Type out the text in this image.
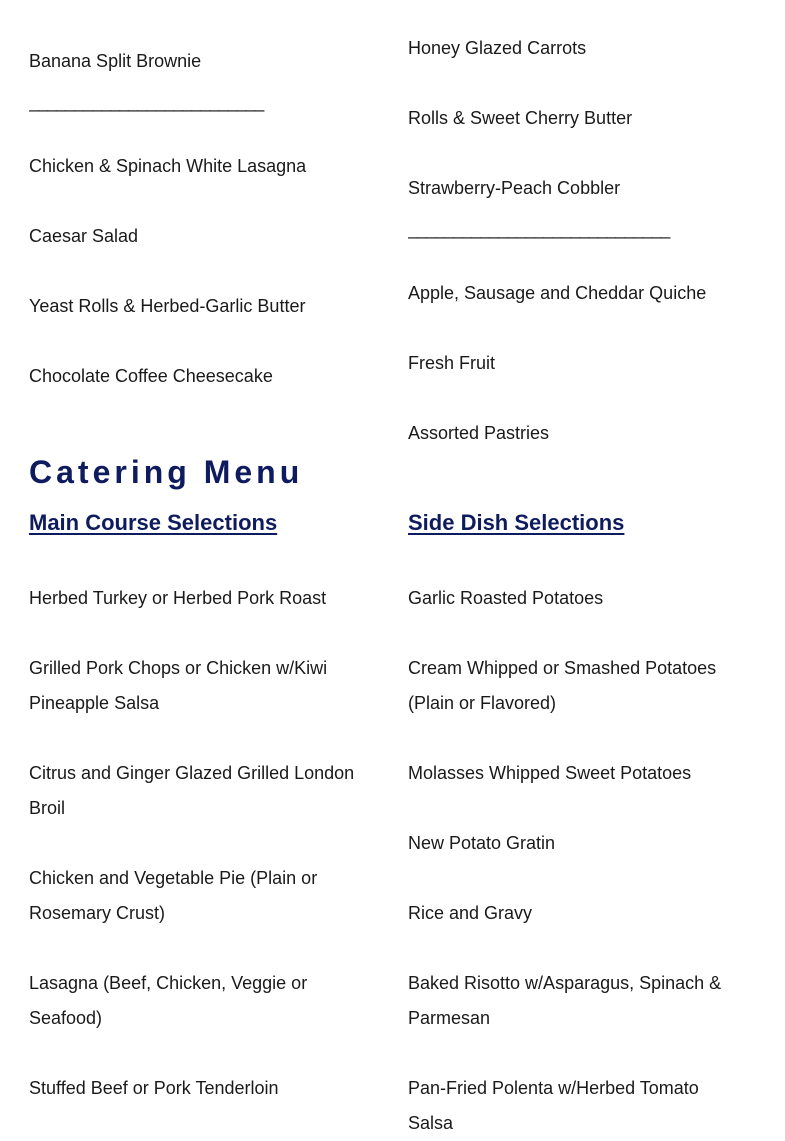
Banana Split Brownie
__________________________
Chicken & Spinach White Lasagna
Caesar Salad
Yeast Rolls & Herbed-Garlic Butter
Chocolate Coffee Cheesecake
Honey Glazed Carrots
Rolls & Sweet Cherry Butter
Strawberry-Peach Cobbler
_____________________________
Apple, Sausage and Cheddar Quiche
Fresh Fruit
Assorted Pastries
Catering Menu
Main Course Selections	Side Dish Selections
Herbed Turkey or Herbed Pork Roast
Grilled Pork Chops or Chicken w/Kiwi Pineapple Salsa
Citrus and Ginger Glazed Grilled London Broil
Chicken and Vegetable Pie (Plain or Rosemary Crust)
Lasagna (Beef, Chicken, Veggie or Seafood)
Stuffed Beef or Pork Tenderloin
Garlic Roasted Potatoes
Cream Whipped or Smashed Potatoes (Plain or Flavored)
Molasses Whipped Sweet Potatoes
New Potato Gratin
Rice and Gravy
Baked Risotto w/Asparagus, Spinach & Parmesan
Pan-Fried Polenta w/Herbed Tomato Salsa
